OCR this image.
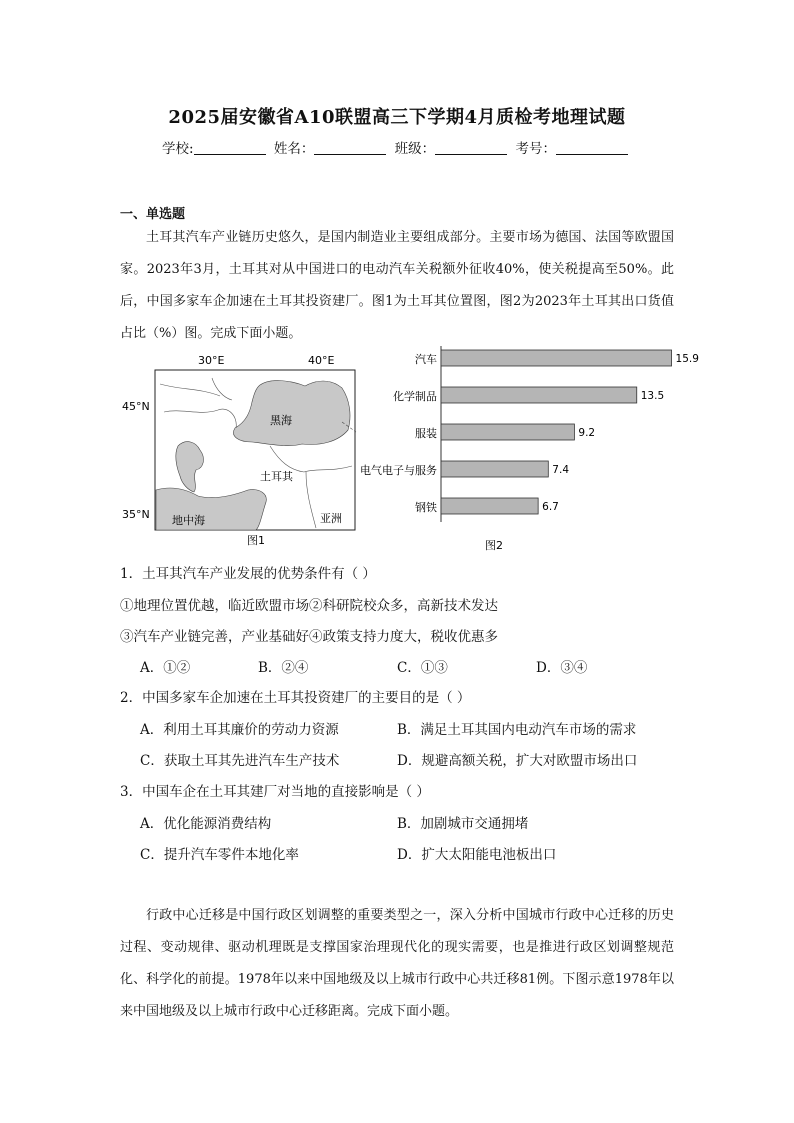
2025届安徽省A10联盟高三下学期4月质检考地理试题
学校:	姓名：	班级：	考号：
一、单选题
土耳其汽车产业链历史悠久，是国内制造业主要组成部分。主要市场为德国、法国等欧盟国家。2023年3月，土耳其对从中国进口的电动汽车关税额外征收40%，使关税提高至50%。此后，中国多家车企加速在土耳其投资建厂。图1为土耳其位置图，图2为2023年土耳其出口货值占比（%）图。完成下面小题。
30°E	40°E
45°N
35°N
黑海
土耳其
地中海	亚洲
图1	图2
汽车	15.9
化学制品	13.5
服装	9.2
电气电子与服务	7.4
钢铁	6.7
1．土耳其汽车产业发展的优势条件有（ ）
①地理位置优越，临近欧盟市场②科研院校众多，高新技术发达
③汽车产业链完善，产业基础好④政策支持力度大，税收优惠多
A．①②	B．②④	C．①③	D．③④
2．中国多家车企加速在土耳其投资建厂的主要目的是（ ）
A．利用土耳其廉价的劳动力资源	B．满足土耳其国内电动汽车市场的需求
C．获取土耳其先进汽车生产技术	D．规避高额关税，扩大对欧盟市场出口
3．中国车企在土耳其建厂对当地的直接影响是（ ）
A．优化能源消费结构	B．加剧城市交通拥堵
C．提升汽车零件本地化率	D．扩大太阳能电池板出口
行政中心迁移是中国行政区划调整的重要类型之一，深入分析中国城市行政中心迁移的历史过程、变动规律、驱动机理既是支撑国家治理现代化的现实需要，也是推进行政区划调整规范化、科学化的前提。1978年以来中国地级及以上城市行政中心共迁移81例。下图示意1978年以来中国地级及以上城市行政中心迁移距离。完成下面小题。
